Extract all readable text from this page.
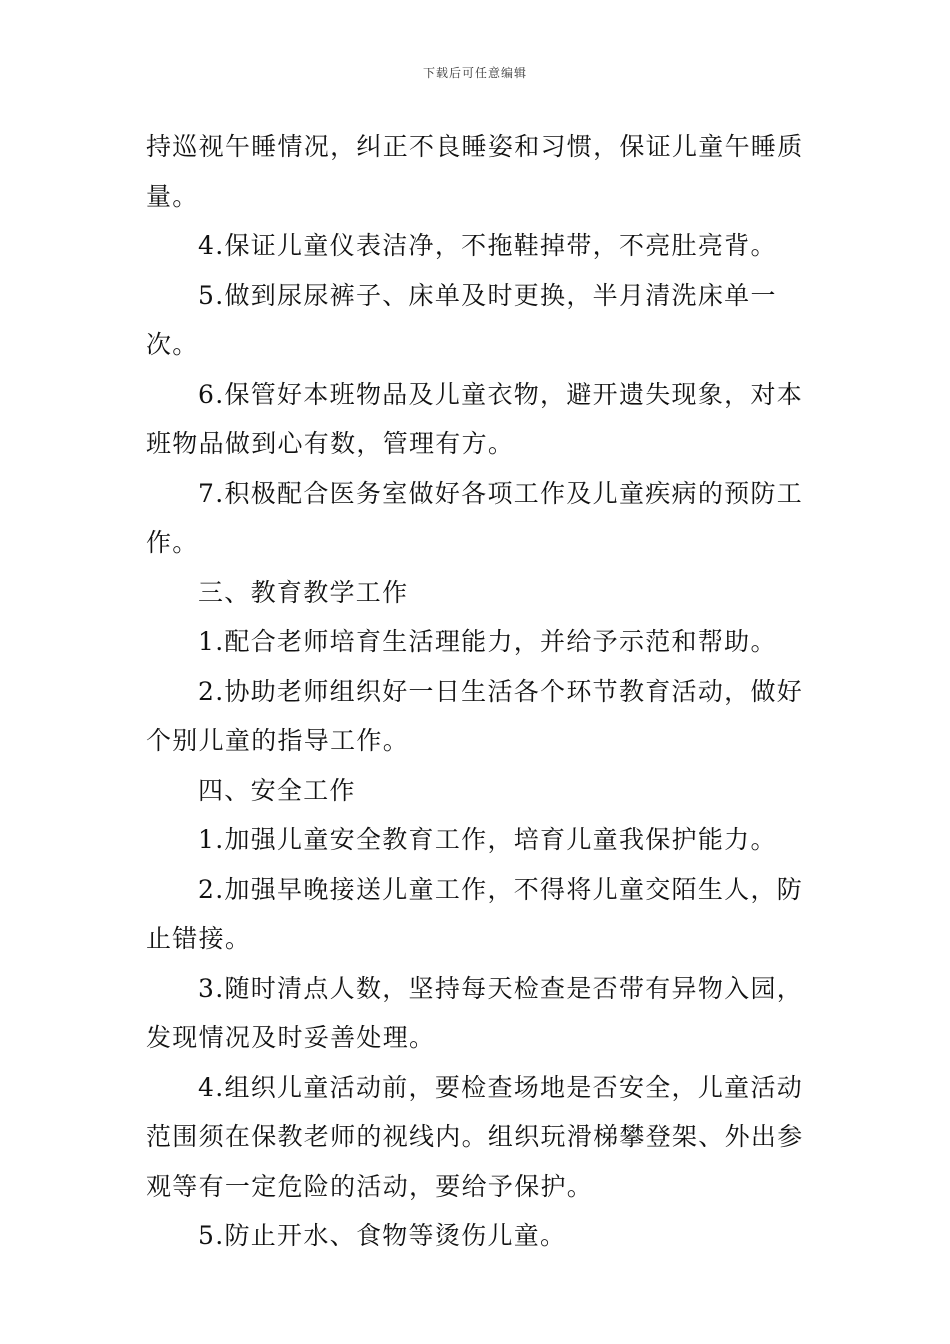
下载后可任意编辑

持巡视午睡情况，纠正不良睡姿和习惯，保证儿童午睡质量。

4.保证儿童仪表洁净，不拖鞋掉带，不亮肚亮背。

5.做到尿尿裤子、床单及时更换，半月清洗床单一次。

6.保管好本班物品及儿童衣物，避开遗失现象，对本班物品做到心有数，管理有方。

7.积极配合医务室做好各项工作及儿童疾病的预防工作。

三、教育教学工作

1.配合老师培育生活理能力，并给予示范和帮助。

2.协助老师组织好一日生活各个环节教育活动，做好个别儿童的指导工作。

四、安全工作

1.加强儿童安全教育工作，培育儿童我保护能力。

2.加强早晚接送儿童工作，不得将儿童交陌生人，防止错接。

3.随时清点人数，坚持每天检查是否带有异物入园，发现情况及时妥善处理。

4.组织儿童活动前，要检查场地是否安全，儿童活动范围须在保教老师的视线内。组织玩滑梯攀登架、外出参观等有一定危险的活动，要给予保护。

5.防止开水、食物等烫伤儿童。
